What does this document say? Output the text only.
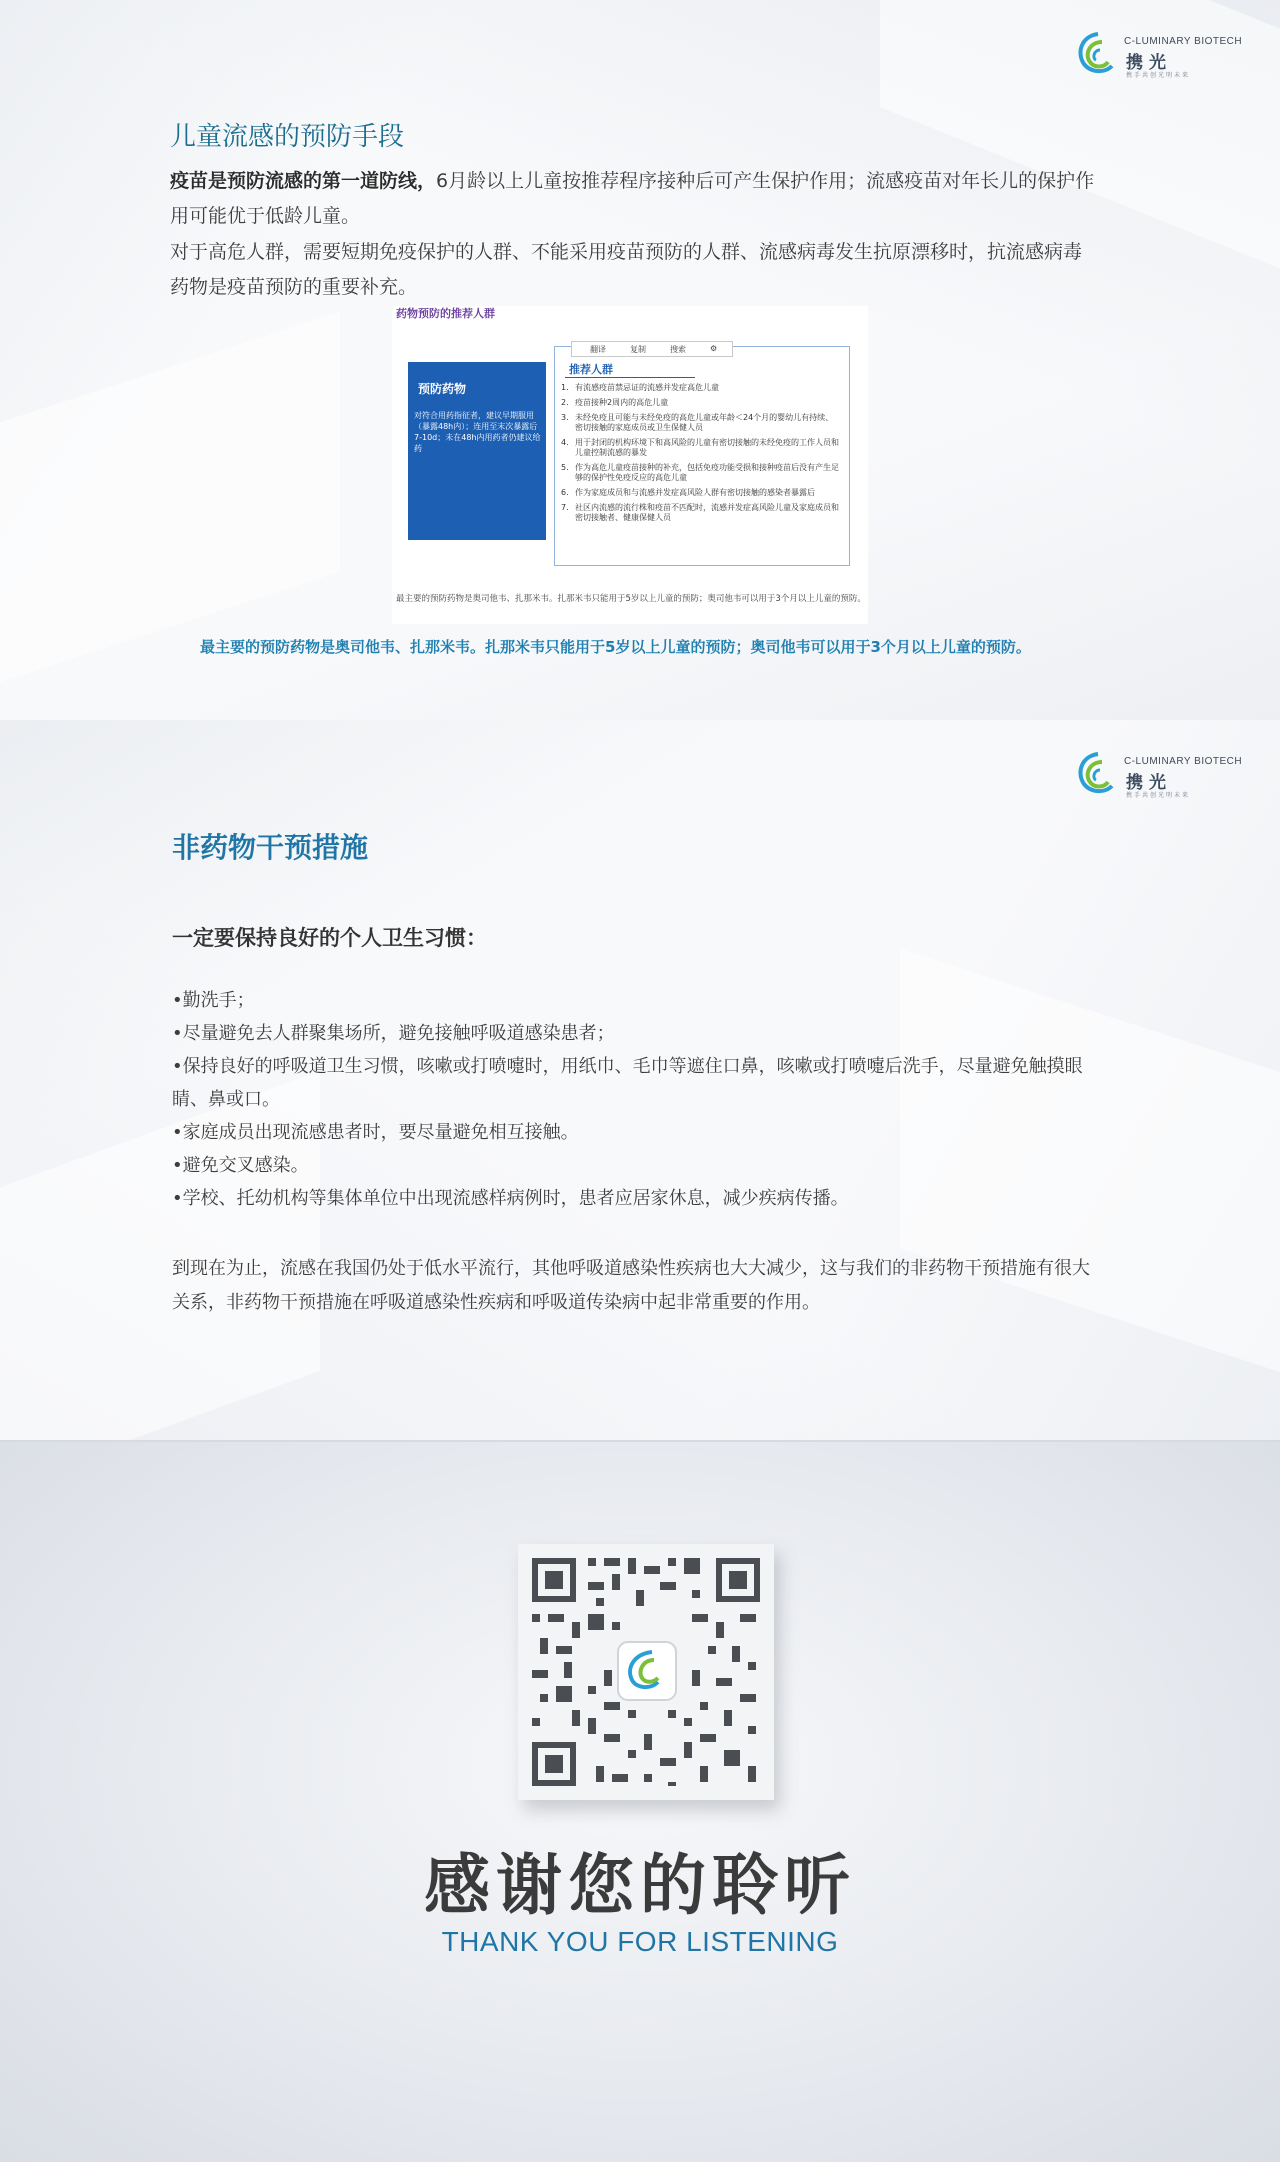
C-LUMINARY BIOTECH
携光
携手共创光明未来
儿童流感的预防手段
疫苗是预防流感的第一道防线，6月龄以上儿童按推荐程序接种后可产生保护作用；流感疫苗对年长儿的保护作用可能优于低龄儿童。
对于高危人群，需要短期免疫保护的人群、不能采用疫苗预防的人群、流感病毒发生抗原漂移时，抗流感病毒药物是疫苗预防的重要补充。
药物预防的推荐人群
预防药物
对符合用药指征者，建议早期服用（暴露48h内）；连用至末次暴露后7-10d；未在48h内用药者仍建议给药
翻译	复制	搜索	⚙
推荐人群
1. 有流感疫苗禁忌证的流感并发症高危儿童
2. 疫苗接种2周内的高危儿童
3. 未经免疫且可能与未经免疫的高危儿童或年龄＜24个月的婴幼儿有持续、密切接触的家庭成员或卫生保健人员
4. 用于封闭的机构环境下和高风险的儿童有密切接触的未经免疫的工作人员和儿童控制流感的暴发
5. 作为高危儿童疫苗接种的补充，包括免疫功能受损和接种疫苗后没有产生足够的保护性免疫反应的高危儿童
6. 作为家庭成员和与流感并发症高风险人群有密切接触的感染者暴露后
7. 社区内流感的流行株和疫苗不匹配时，流感并发症高风险儿童及家庭成员和密切接触者、健康保健人员
最主要的预防药物是奥司他韦、扎那米韦。扎那米韦只能用于5岁以上儿童的预防；奥司他韦可以用于3个月以上儿童的预防。
最主要的预防药物是奥司他韦、扎那米韦。扎那米韦只能用于5岁以上儿童的预防；奥司他韦可以用于3个月以上儿童的预防。
C-LUMINARY BIOTECH
携光
携手共创光明未来
非药物干预措施
一定要保持良好的个人卫生习惯：
•勤洗手；
•尽量避免去人群聚集场所，避免接触呼吸道感染患者；
•保持良好的呼吸道卫生习惯，咳嗽或打喷嚏时，用纸巾、毛巾等遮住口鼻，咳嗽或打喷嚏后洗手，尽量避免触摸眼睛、鼻或口。
•家庭成员出现流感患者时，要尽量避免相互接触。
•避免交叉感染。
•学校、托幼机构等集体单位中出现流感样病例时，患者应居家休息，减少疾病传播。
到现在为止，流感在我国仍处于低水平流行，其他呼吸道感染性疾病也大大减少，这与我们的非药物干预措施有很大关系，非药物干预措施在呼吸道感染性疾病和呼吸道传染病中起非常重要的作用。
感谢您的聆听
THANK YOU FOR LISTENING
